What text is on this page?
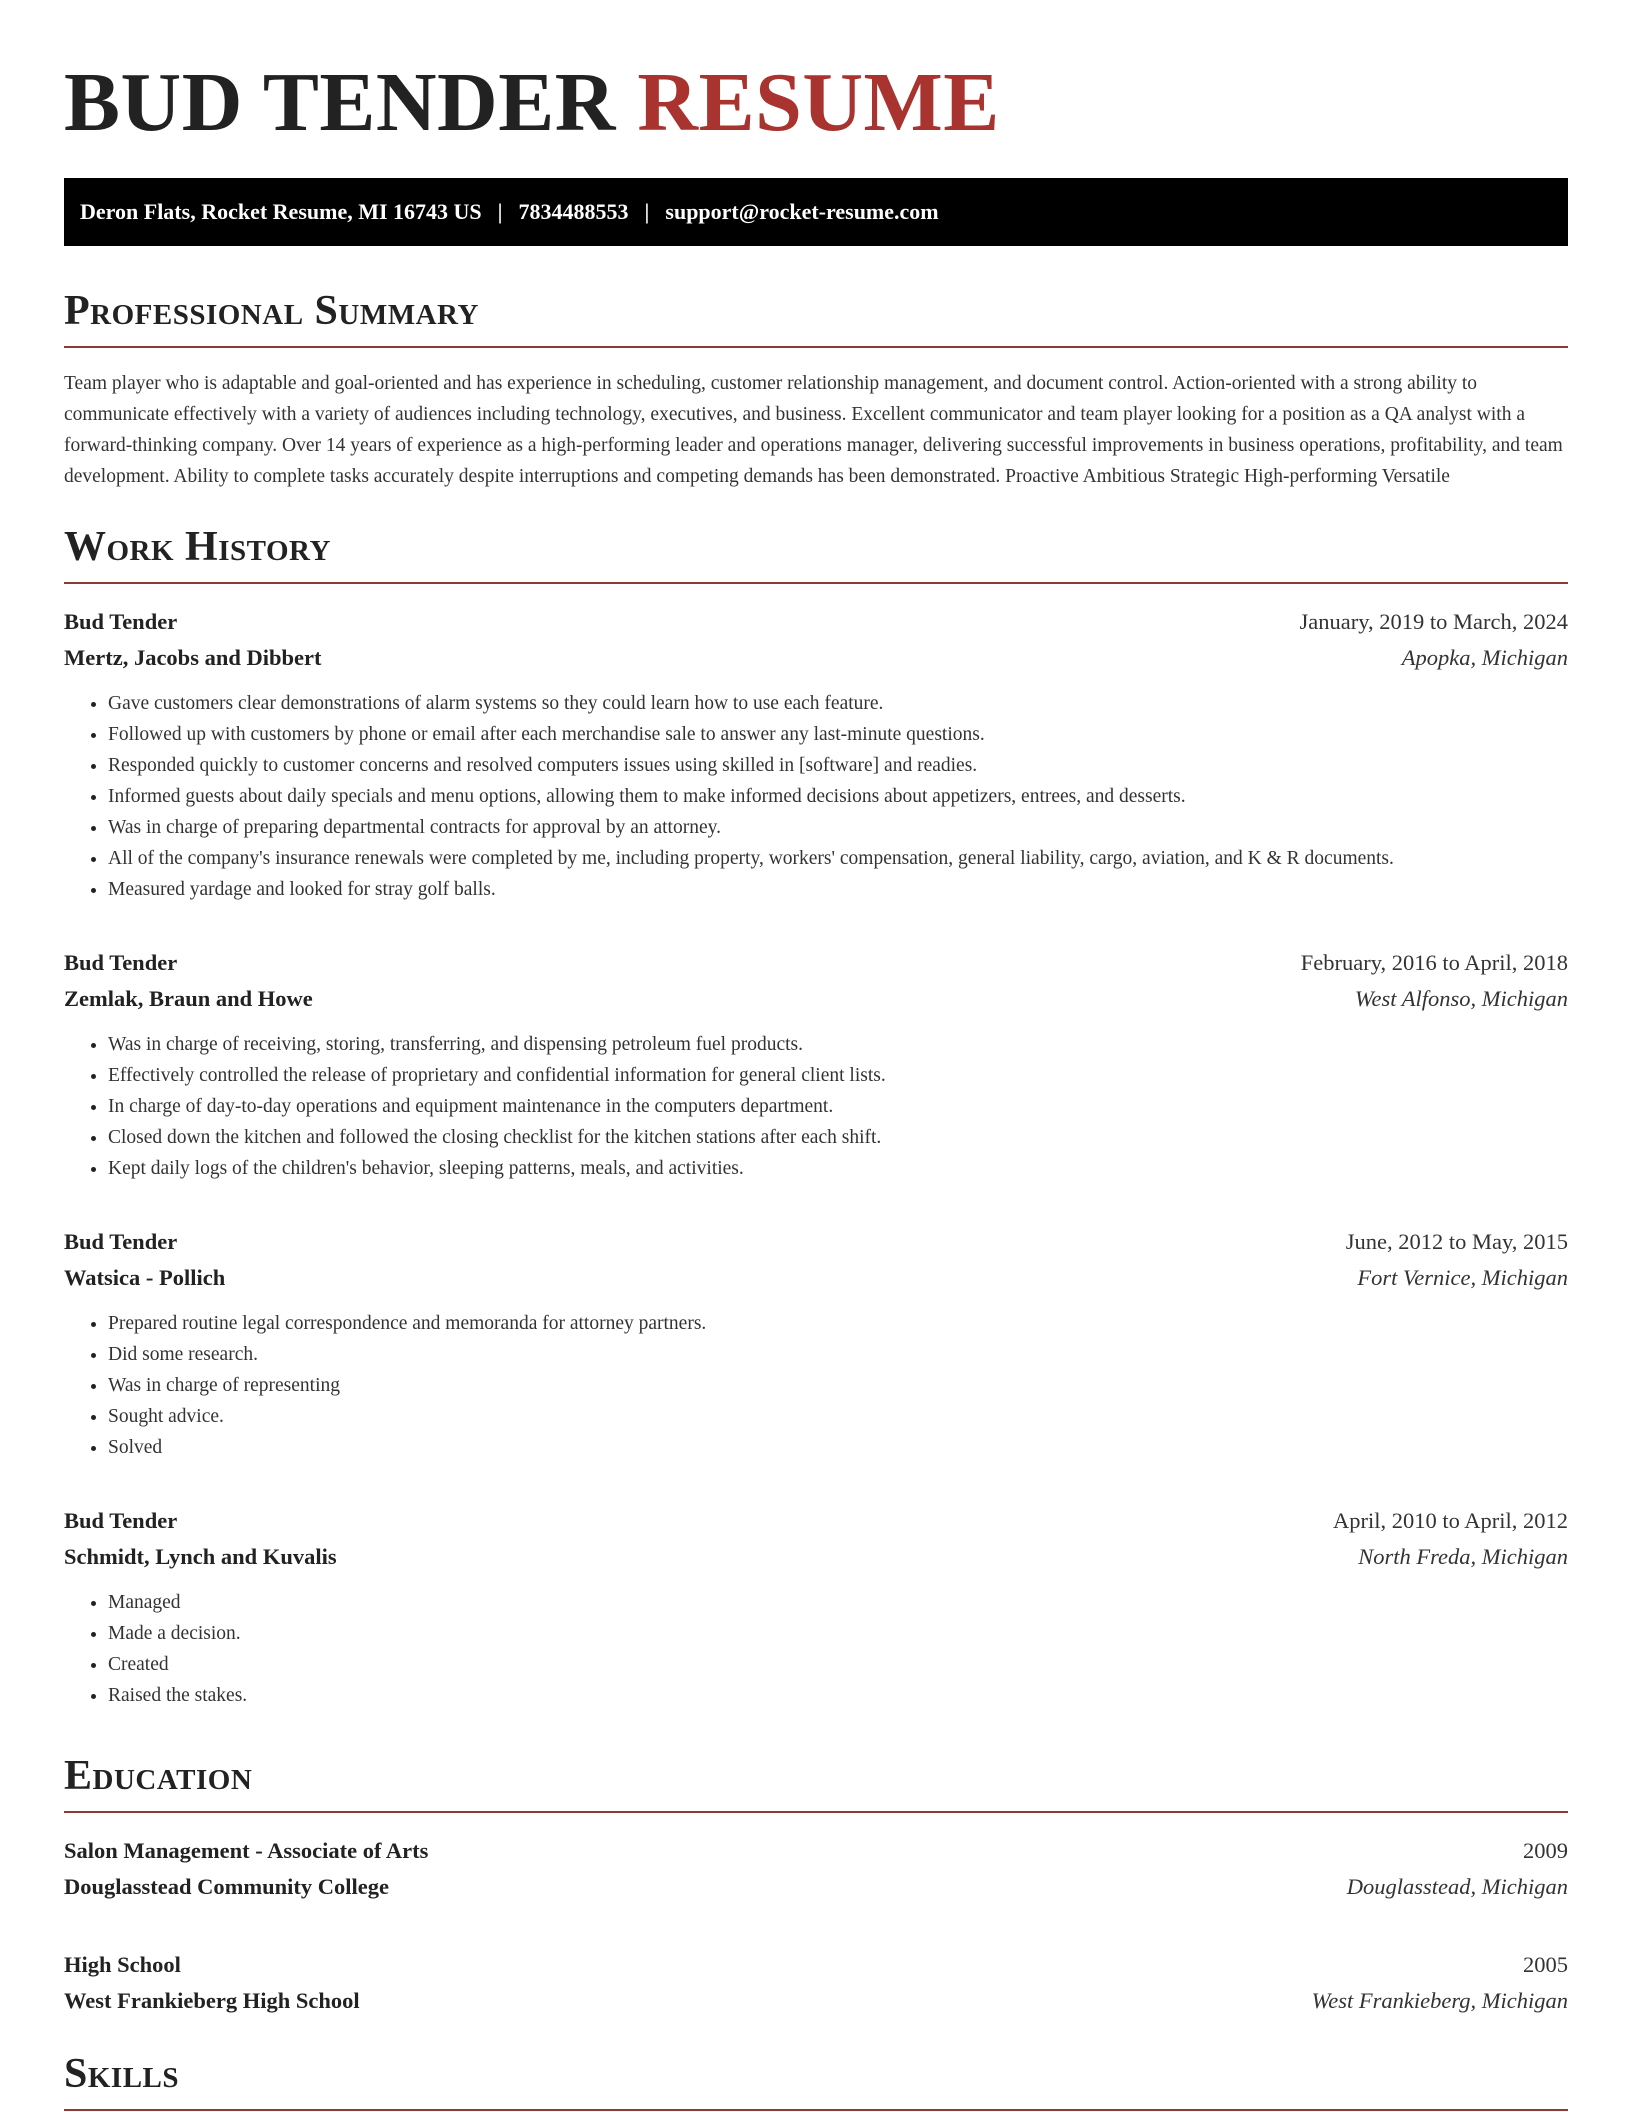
BUD TENDER RESUME
Deron Flats, Rocket Resume, MI 16743 US | 7834488553 | support@rocket-resume.com
Professional Summary

Team player who is adaptable and goal-oriented and has experience in scheduling, customer relationship management, and document control. Action-oriented with a strong ability to communicate effectively with a variety of audiences including technology, executives, and business. Excellent communicator and team player looking for a position as a QA analyst with a forward-thinking company. Over 14 years of experience as a high-performing leader and operations manager, delivering successful improvements in business operations, profitability, and team development. Ability to complete tasks accurately despite interruptions and competing demands has been demonstrated. Proactive Ambitious Strategic High-performing Versatile

Work History
Bud Tender	January, 2019 to March, 2024
Mertz, Jacobs and Dibbert	Apopka, Michigan
• Gave customers clear demonstrations of alarm systems so they could learn how to use each feature.
• Followed up with customers by phone or email after each merchandise sale to answer any last-minute questions.
• Responded quickly to customer concerns and resolved computers issues using skilled in [software] and readies.
• Informed guests about daily specials and menu options, allowing them to make informed decisions about appetizers, entrees, and desserts.
• Was in charge of preparing departmental contracts for approval by an attorney.
• All of the company's insurance renewals were completed by me, including property, workers' compensation, general liability, cargo, aviation, and K & R documents.
• Measured yardage and looked for stray golf balls.
Bud Tender	February, 2016 to April, 2018
Zemlak, Braun and Howe	West Alfonso, Michigan
• Was in charge of receiving, storing, transferring, and dispensing petroleum fuel products.
• Effectively controlled the release of proprietary and confidential information for general client lists.
• In charge of day-to-day operations and equipment maintenance in the computers department.
• Closed down the kitchen and followed the closing checklist for the kitchen stations after each shift.
• Kept daily logs of the children's behavior, sleeping patterns, meals, and activities.
Bud Tender	June, 2012 to May, 2015
Watsica - Pollich	Fort Vernice, Michigan
• Prepared routine legal correspondence and memoranda for attorney partners.
• Did some research.
• Was in charge of representing
• Sought advice.
• Solved
Bud Tender	April, 2010 to April, 2012
Schmidt, Lynch and Kuvalis	North Freda, Michigan
• Managed
• Made a decision.
• Created
• Raised the stakes.
Education
Salon Management - Associate of Arts	2009
Douglasstead Community College	Douglasstead, Michigan
High School	2005
West Frankieberg High School	West Frankieberg, Michigan
Skills
